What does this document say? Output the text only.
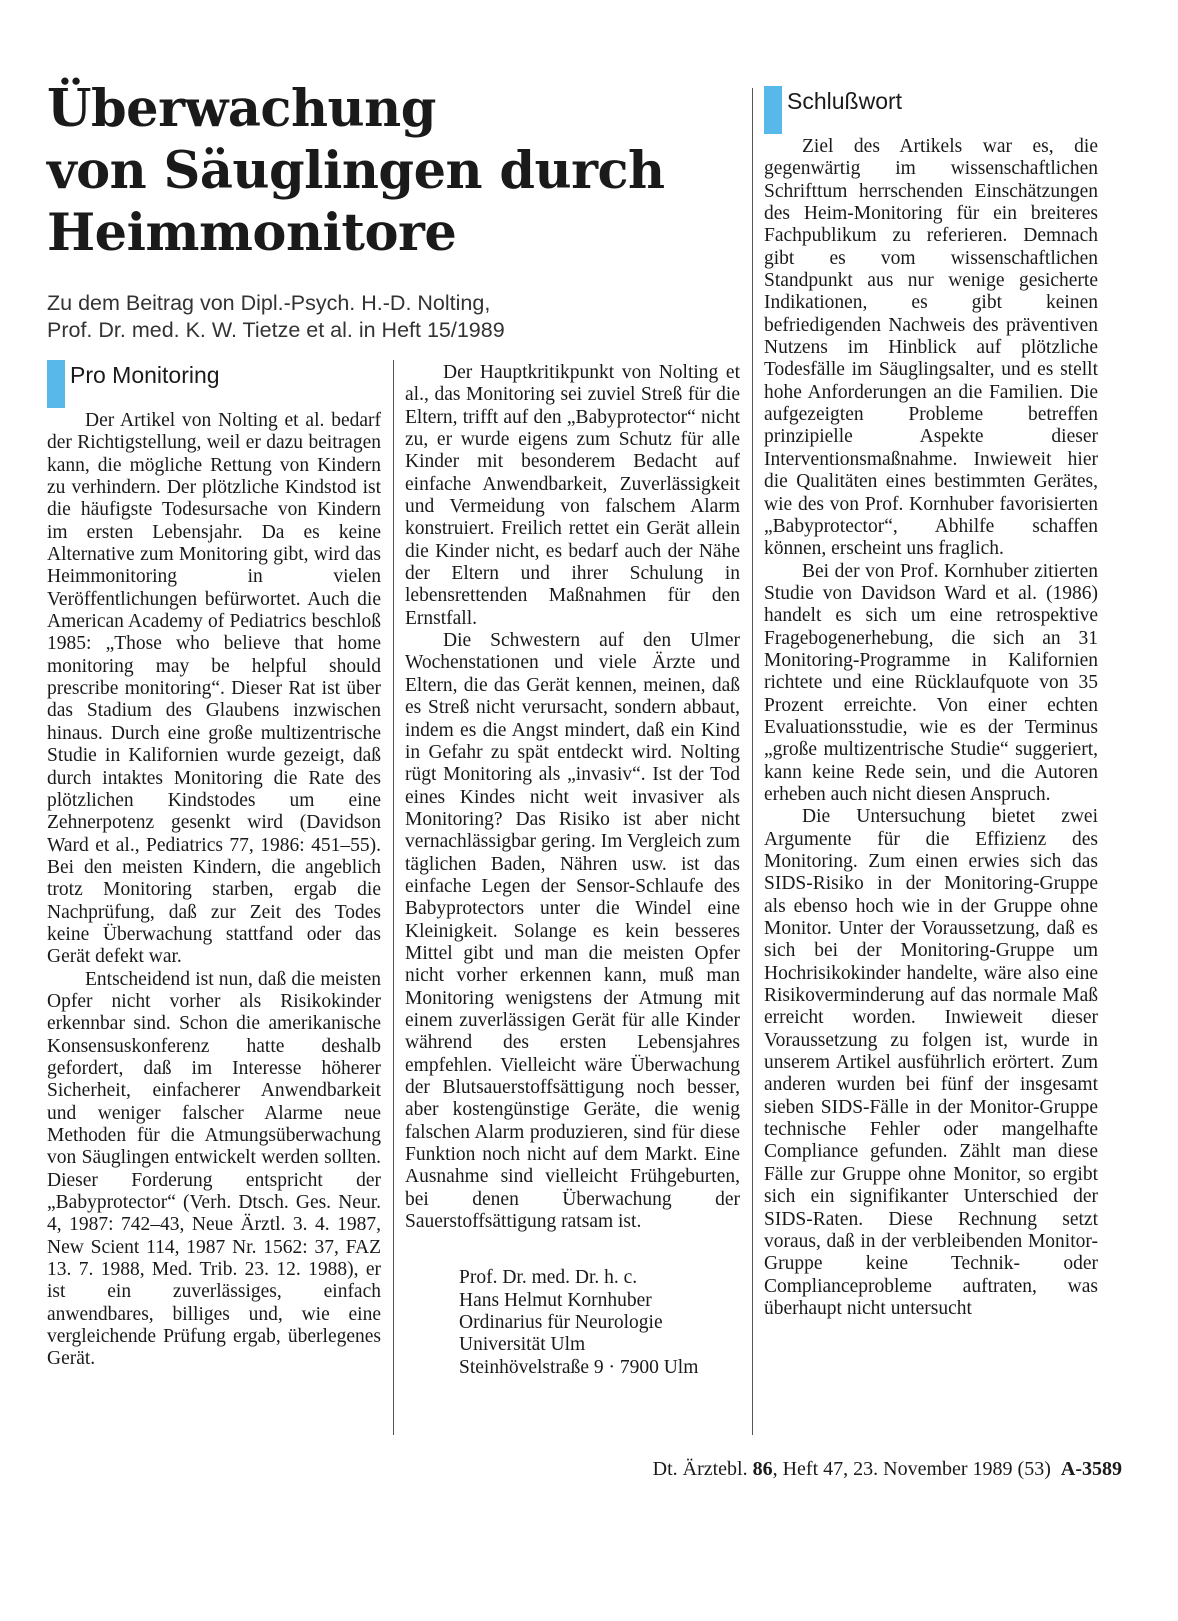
Überwachung
von Säuglingen durch
Heimmonitore
Zu dem Beitrag von Dipl.-Psych. H.-D. Nolting,
Prof. Dr. med. K. W. Tietze et al. in Heft 15/1989
Pro Monitoring

Der Artikel von Nolting et al. bedarf der Richtigstellung, weil er dazu beitragen kann, die mögliche Rettung von Kindern zu verhindern. Der plötzliche Kindstod ist die häufigste Todesursache von Kindern im ersten Lebensjahr. Da es keine Alternative zum Monitoring gibt, wird das Heimmonitoring in vielen Veröffentlichungen befürwortet. Auch die American Academy of Pediatrics beschloß 1985: „Those who believe that home monitoring may be helpful should prescribe monitoring“. Dieser Rat ist über das Stadium des Glaubens inzwischen hinaus. Durch eine große multizentrische Studie in Kalifornien wurde gezeigt, daß durch intaktes Monitoring die Rate des plötzlichen Kindstodes um eine Zehnerpotenz gesenkt wird (Davidson Ward et al., Pediatrics 77, 1986: 451–55). Bei den meisten Kindern, die angeblich trotz Monitoring starben, ergab die Nachprüfung, daß zur Zeit des Todes keine Überwachung stattfand oder das Gerät defekt war.

Entscheidend ist nun, daß die meisten Opfer nicht vorher als Risikokinder erkennbar sind. Schon die amerikanische Konsensuskonferenz hatte deshalb gefordert, daß im Interesse höherer Sicherheit, einfacherer Anwendbarkeit und weniger falscher Alarme neue Methoden für die Atmungsüberwachung von Säuglingen entwickelt werden sollten. Dieser Forderung entspricht der „Babyprotector“ (Verh. Dtsch. Ges. Neur. 4, 1987: 742–43, Neue Ärztl. 3. 4. 1987, New Scient 114, 1987 Nr. 1562: 37, FAZ 13. 7. 1988, Med. Trib. 23. 12. 1988), er ist ein zuverlässiges, einfach anwendbares, billiges und, wie eine vergleichende Prüfung ergab, überlegenes Gerät.

Der Hauptkritikpunkt von Nolting et al., das Monitoring sei zuviel Streß für die Eltern, trifft auf den „Babyprotector“ nicht zu, er wurde eigens zum Schutz für alle Kinder mit besonderem Bedacht auf einfache Anwendbarkeit, Zuverlässigkeit und Vermeidung von falschem Alarm konstruiert. Freilich rettet ein Gerät allein die Kinder nicht, es bedarf auch der Nähe der Eltern und ihrer Schulung in lebensrettenden Maßnahmen für den Ernstfall.

Die Schwestern auf den Ulmer Wochenstationen und viele Ärzte und Eltern, die das Gerät kennen, meinen, daß es Streß nicht verursacht, sondern abbaut, indem es die Angst mindert, daß ein Kind in Gefahr zu spät entdeckt wird. Nolting rügt Monitoring als „invasiv“. Ist der Tod eines Kindes nicht weit invasiver als Monitoring? Das Risiko ist aber nicht vernachlässigbar gering. Im Vergleich zum täglichen Baden, Nähren usw. ist das einfache Legen der Sensor-Schlaufe des Babyprotectors unter die Windel eine Kleinigkeit. Solange es kein besseres Mittel gibt und man die meisten Opfer nicht vorher erkennen kann, muß man Monitoring wenigstens der Atmung mit einem zuverlässigen Gerät für alle Kinder während des ersten Lebensjahres empfehlen. Vielleicht wäre Überwachung der Blutsauerstoffsättigung noch besser, aber kostengünstige Geräte, die wenig falschen Alarm produzieren, sind für diese Funktion noch nicht auf dem Markt. Eine Ausnahme sind vielleicht Frühgeburten, bei denen Überwachung der Sauerstoffsättigung ratsam ist.

Prof. Dr. med. Dr. h. c.
Hans Helmut Kornhuber
Ordinarius für Neurologie
Universität Ulm
Steinhövelstraße 9 · 7900 Ulm
Schlußwort

Ziel des Artikels war es, die gegenwärtig im wissenschaftlichen Schrifttum herrschenden Einschätzungen des Heim-Monitoring für ein breiteres Fachpublikum zu referieren. Demnach gibt es vom wissenschaftlichen Standpunkt aus nur wenige gesicherte Indikationen, es gibt keinen befriedigenden Nachweis des präventiven Nutzens im Hinblick auf plötzliche Todesfälle im Säuglingsalter, und es stellt hohe Anforderungen an die Familien. Die aufgezeigten Probleme betreffen prinzipielle Aspekte dieser Interventionsmaßnahme. Inwieweit hier die Qualitäten eines bestimmten Gerätes, wie des von Prof. Kornhuber favorisierten „Babyprotector“, Abhilfe schaffen können, erscheint uns fraglich.

Bei der von Prof. Kornhuber zitierten Studie von Davidson Ward et al. (1986) handelt es sich um eine retrospektive Fragebogenerhebung, die sich an 31 Monitoring-Programme in Kalifornien richtete und eine Rücklaufquote von 35 Prozent erreichte. Von einer echten Evaluationsstudie, wie es der Terminus „große multizentrische Studie“ suggeriert, kann keine Rede sein, und die Autoren erheben auch nicht diesen Anspruch.

Die Untersuchung bietet zwei Argumente für die Effizienz des Monitoring. Zum einen erwies sich das SIDS-Risiko in der Monitoring-Gruppe als ebenso hoch wie in der Gruppe ohne Monitor. Unter der Voraussetzung, daß es sich bei der Monitoring-Gruppe um Hochrisikokinder handelte, wäre also eine Risikoverminderung auf das normale Maß erreicht worden. Inwieweit dieser Voraussetzung zu folgen ist, wurde in unserem Artikel ausführlich erörtert. Zum anderen wurden bei fünf der insgesamt sieben SIDS-Fälle in der Monitor-Gruppe technische Fehler oder mangelhafte Compliance gefunden. Zählt man diese Fälle zur Gruppe ohne Monitor, so ergibt sich ein signifikanter Unterschied der SIDS-Raten. Diese Rechnung setzt voraus, daß in der verbleibenden Monitor-Gruppe keine Technik- oder Complianceprobleme auftraten, was überhaupt nicht untersucht

Dt. Ärztebl. 86, Heft 47, 23. November 1989 (53) A-3589
